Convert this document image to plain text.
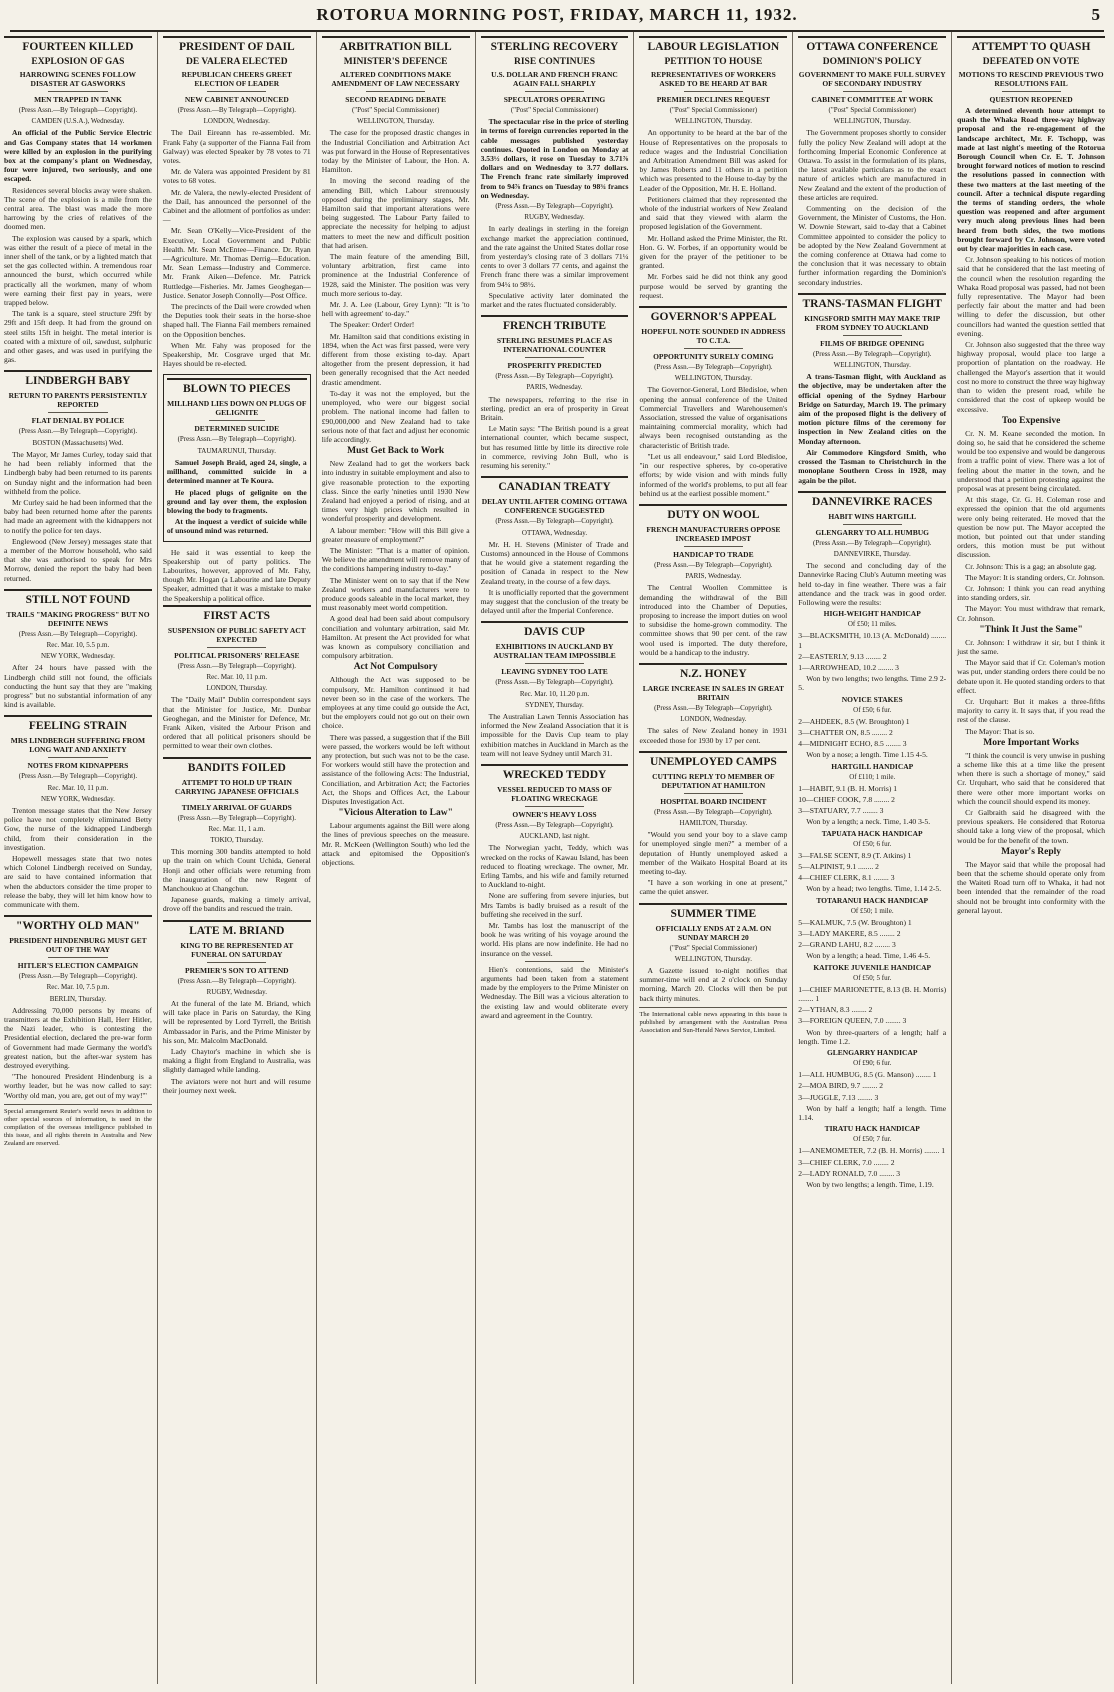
ROTORUA MORNING POST, FRIDAY, MARCH 11, 1932.	5
FOURTEEN KILLED
EXPLOSION OF GAS
HARROWING SCENES FOLLOW DISASTER AT GASWORKS
MEN TRAPPED IN TANK
(Press Assn.—By Telegraph—Copyright).
CAMDEN (U.S.A.), Wednesday.

An official of the Public Service Electric and Gas Company states that 14 workmen were killed by an explosion in the purifying box at the company's plant on Wednesday, four were injured, two seriously, and one escaped.

Residences several blocks away were shaken. The scene of the explosion is a mile from the central area. The blast was made the more harrowing by the cries of relatives of the doomed men.

The explosion was caused by a spark, which was either the result of a piece of metal in the inner shell of the tank, or by a lighted match that set the gas collected within. A tremendous roar announced the burst, which occurred while practically all the workmen, many of whom were earning their first pay in years, were trapped below.

The tank is a square, steel structure 29ft by 29ft and 15ft deep. It had from the ground on steel stilts 15ft in height. The metal interior is coated with a mixture of oil, sawdust, sulphuric and other gases, and was used in purifying the gas.

LINDBERGH BABY
RETURN TO PARENTS PERSISTENTLY REPORTED
FLAT DENIAL BY POLICE
(Press Assn.—By Telegraph—Copyright).
BOSTON (Massachusetts) Wed.

The Mayor, Mr James Curley, today said that he had been reliably informed that the Lindbergh baby had been returned to its parents on Sunday night and the information had been withheld from the police.

Mr Curley said he had been informed that the baby had been returned home after the parents had made an agreement with the kidnappers not to notify the police for ten days.

Englewood (New Jersey) messages state that a member of the Morrow household, who said that she was authorised to speak for Mrs Morrow, denied the report the baby had been returned.

STILL NOT FOUND
TRAILS "MAKING PROGRESS" BUT NO DEFINITE NEWS
(Press Assn.—By Telegraph—Copyright).
Rec. Mar. 10, 5.5 p.m.
NEW YORK, Wednesday.

After 24 hours have passed with the Lindbergh child still not found, the officials conducting the hunt say that they are "making progress" but no substantial information of any kind is available.

FEELING STRAIN
MRS LINDBERGH SUFFERING FROM LONG WAIT AND ANXIETY
NOTES FROM KIDNAPPERS
(Press Assn.—By Telegraph—Copyright).
Rec. Mar. 10, 11 p.m.
NEW YORK, Wednesday.

Trenton message states that the New Jersey police have not completely eliminated Betty Gow, the nurse of the kidnapped Lindbergh child, from their consideration in the investigation.

Hopewell messages state that two notes which Colonel Lindbergh received on Sunday, are said to have contained information that when the abductors consider the time proper to release the baby, they will let him know how to communicate with them.

"WORTHY OLD MAN"
PRESIDENT HINDENBURG MUST GET OUT OF THE WAY
HITLER'S ELECTION CAMPAIGN
(Press Assn.—By Telegraph—Copyright).
Rec. Mar. 10, 7.5 p.m.
BERLIN, Thursday.

Addressing 70,000 persons by means of transmitters at the Exhibition Hall, Herr Hitler, the Nazi leader, who is contesting the Presidential election, declared the pre-war form of Government had made Germany the world's greatest nation, but the after-war system has destroyed everything.

"The honoured President Hindenburg is a worthy leader, but he was now called to say: 'Worthy old man, you are, get out of my way!'"

Special arrangement Reuter's world news in addition to other special sources of information, is used in the compilation of the overseas intelligence published in this issue, and all rights therein in Australia and New Zealand are reserved.

PRESIDENT OF DAIL
DE VALERA ELECTED
REPUBLICAN CHEERS GREET ELECTION OF LEADER
NEW CABINET ANNOUNCED
(Press Assn.—By Telegraph—Copyright).
LONDON, Wednesday.

The Dail Eireann has re-assembled. Mr. Frank Fahy (a supporter of the Fianna Fail from Galway) was elected Speaker by 78 votes to 71 votes.

Mr. de Valera was appointed President by 81 votes to 68 votes.

Mr. de Valera, the newly-elected President of the Dail, has announced the personnel of the Cabinet and the allotment of portfolios as under:—

Mr. Sean O'Kelly—Vice-President of the Executive, Local Government and Public Health. Mr. Sean McEntee—Finance. Dr. Ryan—Agriculture. Mr. Thomas Derrig—Education. Mr. Sean Lemass—Industry and Commerce. Mr. Frank Aiken—Defence. Mr. Patrick Ruttledge—Fisheries. Mr. James Geoghegan—Justice. Senator Joseph Connolly—Post Office.

The precincts of the Dail were crowded when the Deputies took their seats in the horse-shoe shaped hall. The Fianna Fail members remained on the Opposition benches.

When Mr. Fahy was proposed for the Speakership, Mr. Cosgrave urged that Mr. Hayes should be re-elected.

BLOWN TO PIECES
MILLHAND LIES DOWN ON PLUGS OF GELIGNITE
DETERMINED SUICIDE
(Press Assn.—By Telegraph—Copyright).
TAUMARUNUI, Thursday.

Samuel Joseph Braid, aged 24, single, a millhand, committed suicide in a determined manner at Te Koura.

He placed plugs of gelignite on the ground and lay over them, the explosion blowing the body to fragments.

At the inquest a verdict of suicide while of unsound mind was returned.

He said it was essential to keep the Speakership out of party politics. The Labourites, however, approved of Mr. Fahy, though Mr. Hogan (a Labourite and late Deputy Speaker, admitted that it was a mistake to make the Speakership a political office.

FIRST ACTS
SUSPENSION OF PUBLIC SAFETY ACT EXPECTED
POLITICAL PRISONERS' RELEASE
(Press Assn.—By Telegraph—Copyright).
Rec. Mar. 10, 11 p.m.
LONDON, Thursday.

The "Daily Mail" Dublin correspondent says that the Minister for Justice, Mr. Dunbar Geoghegan, and the Minister for Defence, Mr. Frank Aiken, visited the Arbour Prison and ordered that all political prisoners should be permitted to wear their own clothes.

BANDITS FOILED
ATTEMPT TO HOLD UP TRAIN CARRYING JAPANESE OFFICIALS
TIMELY ARRIVAL OF GUARDS
(Press Assn.—By Telegraph—Copyright).
Rec. Mar. 11, 1 a.m.
TOKIO, Thursday.

This morning 300 bandits attempted to hold up the train on which Count Uchida, General Honji and other officials were returning from the inauguration of the new Regent of Manchoukuo at Changchun.

Japanese guards, making a timely arrival, drove off the bandits and rescued the train.

LATE M. BRIAND
KING TO BE REPRESENTED AT FUNERAL ON SATURDAY
PREMIER'S SON TO ATTEND
(Press Assn.—By Telegraph—Copyright).
RUGBY, Wednesday.

At the funeral of the late M. Briand, which will take place in Paris on Saturday, the King will be represented by Lord Tyrrell, the British Ambassador in Paris, and the Prime Minister by his son, Mr. Malcolm MacDonald.

Lady Chaytor's machine in which she is making a flight from England to Australia, was slightly damaged while landing.

The aviators were not hurt and will resume their journey next week.

ARBITRATION BILL
MINISTER'S DEFENCE
ALTERED CONDITIONS MAKE AMENDMENT OF LAW NECESSARY
SECOND READING DEBATE
("Post" Special Commissioner)
WELLINGTON, Thursday.

The case for the proposed drastic changes in the Industrial Conciliation and Arbitration Act was put forward in the House of Representatives today by the Minister of Labour, the Hon. A. Hamilton.

In moving the second reading of the amending Bill, which Labour strenuously opposed during the preliminary stages, Mr. Hamilton said that important alterations were being suggested. The Labour Party failed to appreciate the necessity for helping to adjust matters to meet the new and difficult position that had arisen.

The main feature of the amending Bill, voluntary arbitration, first came into prominence at the Industrial Conference of 1928, said the Minister. The position was very much more serious to-day.

Mr. J. A. Lee (Labour, Grey Lynn): "It is 'to hell with agreement' to-day."

The Speaker: Order! Order!

Mr. Hamilton said that conditions existing in 1894, when the Act was first passed, were very different from those existing to-day. Apart altogether from the present depression, it had been generally recognised that the Act needed drastic amendment.

To-day it was not the employed, but the unemployed, who were our biggest social problem. The national income had fallen to £90,000,000 and New Zealand had to take serious note of that fact and adjust her economic life accordingly.

Must Get Back to Work

New Zealand had to get the workers back into industry in suitable employment and also to give reasonable protection to the exporting class. Since the early 'nineties until 1930 New Zealand had enjoyed a period of rising, and at times very high prices which resulted in wonderful prosperity and development.

A labour member: "How will this Bill give a greater measure of employment?"

The Minister: "That is a matter of opinion. We believe the amendment will remove many of the conditions hampering industry to-day."

The Minister went on to say that if the New Zealand workers and manufacturers were to produce goods saleable in the local market, they must reasonably meet world competition.

A good deal had been said about compulsory conciliation and voluntary arbitration, said Mr. Hamilton. At present the Act provided for what was known as compulsory conciliation and compulsory arbitration.

Act Not Compulsory

Although the Act was supposed to be compulsory, Mr. Hamilton continued it had never been so in the case of the workers. The employees at any time could go outside the Act, but the employers could not go out on their own choice.

There was passed, a suggestion that if the Bill were passed, the workers would be left without any protection, but such was not to be the case. For workers would still have the protection and assistance of the following Acts: The Industrial, Conciliation, and Arbitration Act; the Factories Act, the Shops and Offices Act, the Labour Disputes Investigation Act.

"Vicious Alteration to Law"

Labour arguments against the Bill were along the lines of previous speeches on the measure. Mr. R. McKeen (Wellington South) who led the attack and epitomised the Opposition's objections.

STERLING RECOVERY
RISE CONTINUES
U.S. DOLLAR AND FRENCH FRANC AGAIN FALL SHARPLY
SPECULATORS OPERATING
("Post" Special Commissioner)

The spectacular rise in the price of sterling in terms of foreign currencies reported in the cable messages published yesterday continues. Quoted in London on Monday at 3.53½ dollars, it rose on Tuesday to 3.71⅞ dollars and on Wednesday to 3.77 dollars. The French franc rate similarly improved from to 94⅞ francs on Tuesday to 98¾ francs on Wednesday.

(Press Assn.—By Telegraph—Copyright).
RUGBY, Wednesday.

In early dealings in sterling in the foreign exchange market the appreciation continued, and the rate against the United States dollar rose from yesterday's closing rate of 3 dollars 71¼ cents to over 3 dollars 77 cents, and against the French franc there was a similar improvement from 94¼ to 98½.

Speculative activity later dominated the market and the rates fluctuated considerably.

FRENCH TRIBUTE
STERLING RESUMES PLACE AS INTERNATIONAL COUNTER
PROSPERITY PREDICTED
(Press Assn.—By Telegraph—Copyright).
PARIS, Wednesday.

The newspapers, referring to the rise in sterling, predict an era of prosperity in Great Britain.

Le Matin says: "The British pound is a great international counter, which became suspect, but has resumed little by little its directive role in commerce, reviving John Bull, who is resuming his serenity."

CANADIAN TREATY
DELAY UNTIL AFTER COMING OTTAWA CONFERENCE SUGGESTED
(Press Assn.—By Telegraph—Copyright).
OTTAWA, Wednesday.

Mr. H. H. Stevens (Minister of Trade and Customs) announced in the House of Commons that he would give a statement regarding the position of Canada in respect to the New Zealand treaty, in the course of a few days.

It is unofficially reported that the government may suggest that the conclusion of the treaty be delayed until after the Imperial Conference.

DAVIS CUP
EXHIBITIONS IN AUCKLAND BY AUSTRALIAN TEAM IMPOSSIBLE
LEAVING SYDNEY TOO LATE
(Press Assn.—By Telegraph—Copyright).
Rec. Mar. 10, 11.20 p.m.
SYDNEY, Thursday.

The Australian Lawn Tennis Association has informed the New Zealand Association that it is impossible for the Davis Cup team to play exhibition matches in Auckland in March as the team will not leave Sydney until March 31.

WRECKED TEDDY
VESSEL REDUCED TO MASS OF FLOATING WRECKAGE
OWNER'S HEAVY LOSS
(Press Assn.—By Telegraph—Copyright).
AUCKLAND, last night.

The Norwegian yacht, Teddy, which was wrecked on the rocks of Kawau Island, has been reduced to floating wreckage. The owner, Mr. Erling Tambs, and his wife and family returned to Auckland to-night.

None are suffering from severe injuries, but Mrs Tambs is badly bruised as a result of the buffeting she received in the surf.

Mr. Tambs has lost the manuscript of the book he was writing of his voyage around the world. His plans are now indefinite. He had no insurance on the vessel.

Hien's contentions, said the Minister's arguments had been taken from a statement made by the employers to the Prime Minister on Wednesday. The Bill was a vicious alteration to the existing law and would obliterate every award and agreement in the Country.

LABOUR LEGISLATION
PETITION TO HOUSE
REPRESENTATIVES OF WORKERS ASKED TO BE HEARD AT BAR
PREMIER DECLINES REQUEST
("Post" Special Commissioner)
WELLINGTON, Thursday.

An opportunity to be heard at the bar of the House of Representatives on the proposals to reduce wages and the Industrial Conciliation and Arbitration Amendment Bill was asked for by James Roberts and 11 others in a petition which was presented to the House to-day by the Leader of the Opposition, Mr. H. E. Holland.

Petitioners claimed that they represented the whole of the industrial workers of New Zealand and said that they viewed with alarm the proposed legislation of the Government.

Mr. Holland asked the Prime Minister, the Rt. Hon. G. W. Forbes, if an opportunity would be given for the prayer of the petitioner to be granted.

Mr. Forbes said he did not think any good purpose would be served by granting the request.

GOVERNOR'S APPEAL
HOPEFUL NOTE SOUNDED IN ADDRESS TO C.T.A.
OPPORTUNITY SURELY COMING
(Press Assn.—By Telegraph—Copyright).
WELLINGTON, Thursday.

The Governor-General, Lord Bledisloe, when opening the annual conference of the United Commercial Travellers and Warehousemen's Association, stressed the value of organisations maintaining commercial morality, which had always been recognised outstanding as the characteristic of British trade.

"Let us all endeavour," said Lord Bledisloe, "in our respective spheres, by co-operative efforts; by wide vision and with minds fully informed of the world's problems, to put all fear behind us at the earliest possible moment."

DUTY ON WOOL
FRENCH MANUFACTURERS OPPOSE INCREASED IMPOST
HANDICAP TO TRADE
(Press Assn.—By Telegraph—Copyright).
PARIS, Wednesday.

The Central Woollen Committee is demanding the withdrawal of the Bill introduced into the Chamber of Deputies, proposing to increase the import duties on wool to subsidise the home-grown commodity. The committee shows that 90 per cent. of the raw wool used is imported. The duty therefore, would be a handicap to the industry.

N.Z. HONEY
LARGE INCREASE IN SALES IN GREAT BRITAIN
(Press Assn.—By Telegraph—Copyright).
LONDON, Wednesday.

The sales of New Zealand honey in 1931 exceeded those for 1930 by 17 per cent.

UNEMPLOYED CAMPS
CUTTING REPLY TO MEMBER OF DEPUTATION AT HAMILTON
HOSPITAL BOARD INCIDENT
(Press Assn.—By Telegraph—Copyright).
HAMILTON, Thursday.

"Would you send your boy to a slave camp for unemployed single men?" a member of a deputation of Huntly unemployed asked a member of the Waikato Hospital Board at its meeting to-day.

"I have a son working in one at present," came the quiet answer.

SUMMER TIME
OFFICIALLY ENDS AT 2 A.M. ON SUNDAY MARCH 20
("Post" Special Commissioner)
WELLINGTON, Thursday.

A Gazette issued to-night notifies that summer-time will end at 2 o'clock on Sunday morning, March 20. Clocks will then be put back thirty minutes.

The International cable news appearing in this issue is published by arrangement with the Australian Press Association and Sun-Herald News Service, Limited.

OTTAWA CONFERENCE
DOMINION'S POLICY
GOVERNMENT TO MAKE FULL SURVEY OF SECONDARY INDUSTRY
CABINET COMMITTEE AT WORK
("Post" Special Commissioner)
WELLINGTON, Thursday.

The Government proposes shortly to consider fully the policy New Zealand will adopt at the forthcoming Imperial Economic Conference at Ottawa. To assist in the formulation of its plans, the latest available particulars as to the exact nature of articles which are manufactured in New Zealand and the extent of the production of these articles are required.

Commenting on the decision of the Government, the Minister of Customs, the Hon. W. Downie Stewart, said to-day that a Cabinet Committee appointed to consider the policy to be adopted by the New Zealand Government at the coming conference at Ottawa had come to the conclusion that it was necessary to obtain further information regarding the Dominion's secondary industries.

TRANS-TASMAN FLIGHT
KINGSFORD SMITH MAY MAKE TRIP FROM SYDNEY TO AUCKLAND
FILMS OF BRIDGE OPENING
(Press Assn.—By Telegraph—Copyright).
WELLINGTON, Thursday.

A trans-Tasman flight, with Auckland as the objective, may be undertaken after the official opening of the Sydney Harbour Bridge on Saturday, March 19. The primary aim of the proposed flight is the delivery of motion picture films of the ceremony for inspection in New Zealand cities on the Monday afternoon.

Air Commodore Kingsford Smith, who crossed the Tasman to Christchurch in the monoplane Southern Cross in 1928, may again be the pilot.

DANNEVIRKE RACES
HABIT WINS HARTGILL
GLENGARRY TO ALL HUMBUG
(Press Assn.—By Telegraph—Copyright).
DANNEVIRKE, Thursday.

The second and concluding day of the Dannevirke Racing Club's Autumn meeting was held to-day in fine weather. There was a fair attendance and the track was in good order. Following were the results:

HIGH-WEIGHT HANDICAP
Of £50; 11 miles.

3—BLACKSMITH, 10.13 (A. McDonald) ........ 1

2—EASTERLY, 9.13 ........ 2

1—ARROWHEAD, 10.2 ........ 3

Won by two lengths; two lengths. Time 2.9 2-5.

NOVICE STAKES
Of £50; 6 fur.

2—AHDEEK, 8.5 (W. Broughton) 1

3—CHATTER ON, 8.5 ........ 2

4—MIDNIGHT ECHO, 8.5 ........ 3

Won by a nose; a length. Time 1.15 4-5.

HARTGILL HANDICAP
Of £110; 1 mile.

1—HABIT, 9.1 (B. H. Morris) 1

10—CHIEF COOK, 7.8 ........ 2

3—STATUARY, 7.7 ........ 3

Won by a length; a neck. Time, 1.40 3-5.

TAPUATA HACK HANDICAP
Of £50; 6 fur.

3—FALSE SCENT, 8.9 (T. Atkins) 1

5—ALPINIST, 9.1 ........ 2

4—CHIEF CLERK, 8.1 ........ 3

Won by a head; two lengths. Time, 1.14 2-5.

TOTARANUI HACK HANDICAP
Of £50; 1 mile.

5—KALMUK, 7.5 (W. Broughton) 1

3—LADY MAKERE, 8.5 ........ 2

2—GRAND LAHU, 8.2 ........ 3

Won by a length; a head. Time, 1.46 4-5.

KAITOKE JUVENILE HANDICAP
Of £50; 5 fur.

1—CHIEF MARIONETTE, 8.13 (B. H. Morris) ........ 1

2—YTHAN, 8.3 ........ 2

3—FOREIGN QUEEN, 7.0 ........ 3

Won by three-quarters of a length; half a length. Time 1.2.

GLENGARRY HANDICAP
Of £90; 6 fur.

1—ALL HUMBUG, 8.5 (G. Manson) ........ 1

2—MOA BIRD, 9.7 ........ 2

3—JUGGLE, 7.13 ........ 3

Won by half a length; half a length. Time 1.14.

TIRATU HACK HANDICAP
Of £50; 7 fur.

1—ANEMOMETER, 7.2 (B. H. Morris) ........ 1

3—CHIEF CLERK, 7.0 ........ 2

2—LADY RONALD, 7.0 ........ 3

Won by two lengths; a length. Time, 1.19.

ATTEMPT TO QUASH
DEFEATED ON VOTE
MOTIONS TO RESCIND PREVIOUS TWO RESOLUTIONS FAIL
QUESTION REOPENED

A determined eleventh hour attempt to quash the Whaka Road three-way highway proposal and the re-engagement of the landscape architect, Mr. F. Tschopp, was made at last night's meeting of the Rotorua Borough Council when Cr. E. T. Johnson brought forward notices of motion to rescind the resolutions passed in connection with these two matters at the last meeting of the council. After a technical dispute regarding the terms of standing orders, the whole question was reopened and after argument very much along previous lines had been heard from both sides, the two motions brought forward by Cr. Johnson, were voted out by clear majorities in each case.

Cr. Johnson speaking to his notices of motion said that he considered that the last meeting of the council when the resolution regarding the Whaka Road proposal was passed, had not been fully representative. The Mayor had been perfectly fair about the matter and had been willing to defer the discussion, but other councillors had wanted the question settled that evening.

Cr. Johnson also suggested that the three way highway proposal, would place too large a proportion of plantation on the roadway. He challenged the Mayor's assertion that it would cost no more to construct the three way highway than to widen the present road, while he considered that the cost of upkeep would be excessive.

Too Expensive

Cr. N. M. Keane seconded the motion. In doing so, he said that he considered the scheme would be too expensive and would be dangerous from a traffic point of view. There was a lot of feeling about the matter in the town, and he understood that a petition protesting against the proposal was at present being circulated.

At this stage, Cr. G. H. Coleman rose and expressed the opinion that the old arguments were only being reiterated. He moved that the question be now put. The Mayor accepted the motion, but pointed out that under standing orders, this motion must be put without discussion.

Cr. Johnson: This is a gag; an absolute gag.

The Mayor: It is standing orders, Cr. Johnson.

Cr. Johnson: I think you can read anything into standing orders, sir.

The Mayor: You must withdraw that remark, Cr. Johnson.

"Think It Just the Same"

Cr. Johnson: I withdraw it sir, but I think it just the same.

The Mayor said that if Cr. Coleman's motion was put, under standing orders there could be no debate upon it. He quoted standing orders to that effect.

Cr. Urquhart: But it makes a three-fifths majority to carry it. It says that, if you read the rest of the clause.

The Mayor: That is so.

More Important Works

"I think the council is very unwise in pushing a scheme like this at a time like the present when there is such a shortage of money," said Cr. Urquhart, who said that he considered that there were other more important works on which the council should expend its money.

Cr Galbraith said he disagreed with the previous speakers. He considered that Rotorua should take a long view of the proposal, which would be for the benefit of the town.

Mayor's Reply

The Mayor said that while the proposal had been that the scheme should operate only from the Waiteti Road turn off to Whaka, it had not been intended that the remainder of the road should not be brought into conformity with the general layout.
